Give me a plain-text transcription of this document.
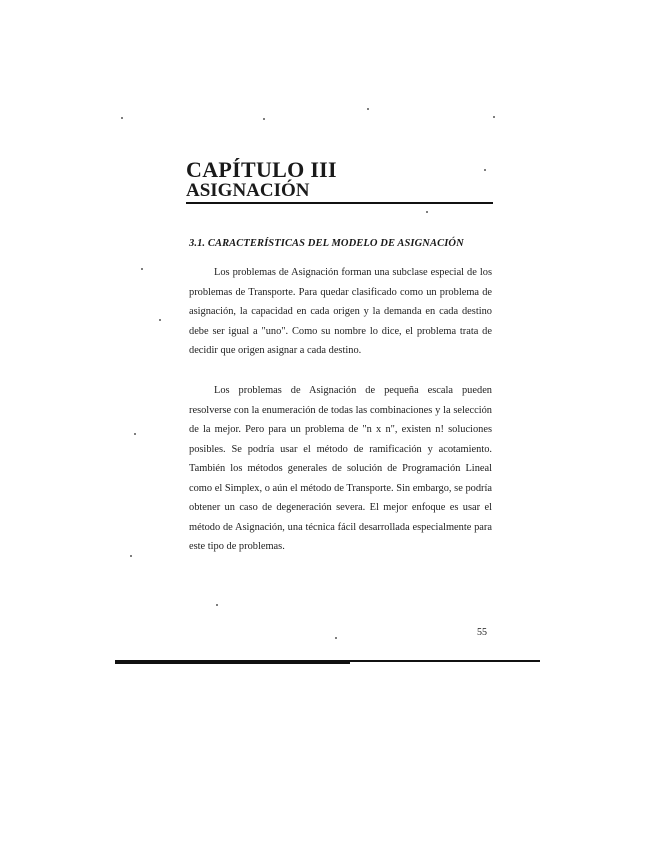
CAPÍTULO III
ASIGNACIÓN
3.1. CARACTERÍSTICAS DEL MODELO DE ASIGNACIÓN

Los problemas de Asignación forman una subclase especial de los problemas de Transporte. Para quedar clasificado como un problema de asignación, la capacidad en cada origen y la demanda en cada destino debe ser igual a "uno". Como su nombre lo dice, el problema trata de decidir que origen asignar a cada destino.

Los problemas de Asignación de pequeña escala pueden resolverse con la enumeración de todas las combinaciones y la selección de la mejor. Pero para un problema de "n x n", existen n! soluciones posibles. Se podría usar el método de ramificación y acotamiento. También los métodos generales de solución de Programación Lineal como el Simplex, o aún el método de Transporte. Sin embargo, se podría obtener un caso de degeneración severa. El mejor enfoque es usar el método de Asignación, una técnica fácil desarrollada especialmente para este tipo de problemas.

55
